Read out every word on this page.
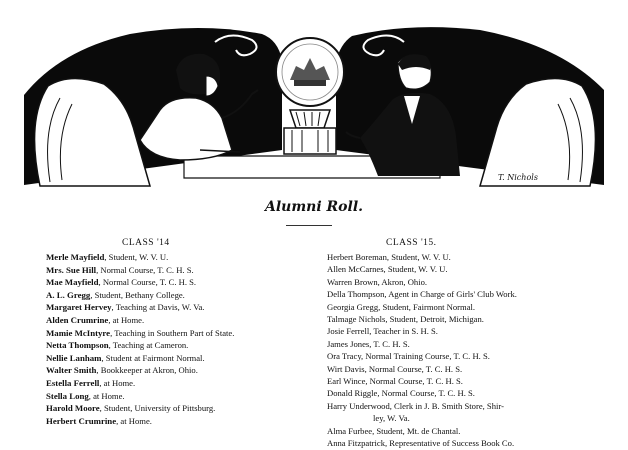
T. Nichols
Alumni Roll.
CLASS '14
Merle Mayfield, Student, W. V. U.
Mrs. Sue Hill, Normal Course, T. C. H. S.
Mae Mayfield, Normal Course, T. C. H. S.
A. L. Gregg, Student, Bethany College.
Margaret Hervey, Teaching at Davis, W. Va.
Alden Crumrine, at Home.
Mamie McIntyre, Teaching in Southern Part of State.
Netta Thompson, Teaching at Cameron.
Nellie Lanham, Student at Fairmont Normal.
Walter Smith, Bookkeeper at Akron, Ohio.
Estella Ferrell, at Home.
Stella Long, at Home.
Harold Moore, Student, University of Pittsburg.
Herbert Crumrine, at Home.
CLASS '15.
Herbert Boreman, Student, W. V. U.
Allen McCarnes, Student, W. V. U.
Warren Brown, Akron, Ohio.
Della Thompson, Agent in Charge of Girls' Club Work.
Georgia Gregg, Student, Fairmont Normal.
Talmage Nichols, Student, Detroit, Michigan.
Josie Ferrell, Teacher in S. H. S.
James Jones, T. C. H. S.
Ora Tracy, Normal Training Course, T. C. H. S.
Wirt Davis, Normal Course, T. C. H. S.
Earl Wince, Normal Course, T. C. H. S.
Donald Riggle, Normal Course, T. C. H. S.
Harry Underwood, Clerk in J. B. Smith Store, Shir-
ley, W. Va.
Alma Furbee, Student, Mt. de Chantal.
Anna Fitzpatrick, Representative of Success Book Co.
